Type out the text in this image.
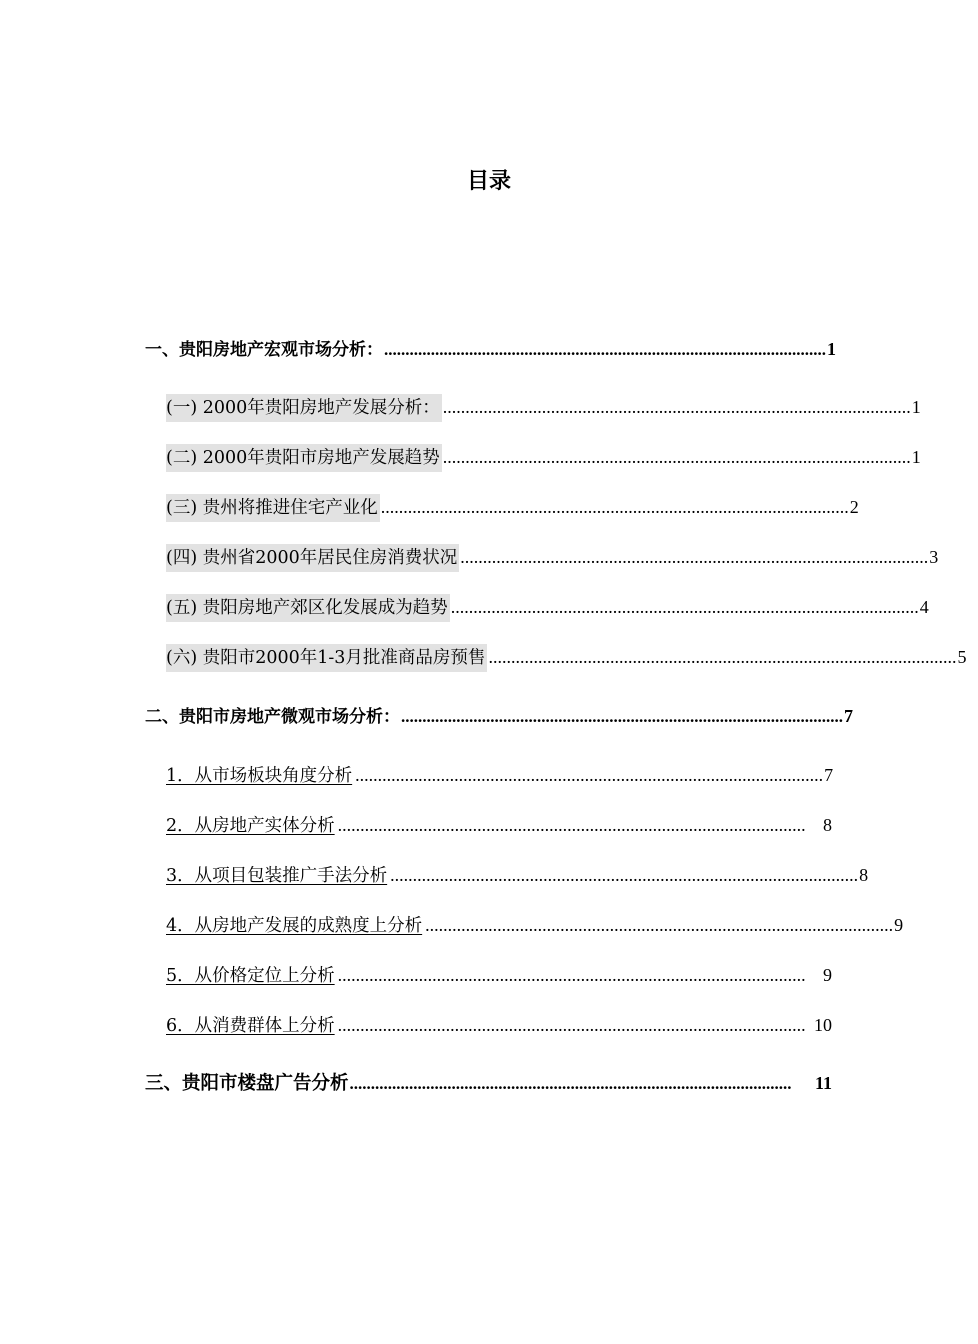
目录
一、贵阳房地产宏观市场分析： ........................................................................................................ 1
(一) 2000年贵阳房地产发展分析： ........................................................................................................ 1
(二) 2000年贵阳市房地产发展趋势 ........................................................................................................ 1
(三) 贵州将推进住宅产业化 ........................................................................................................ 2
(四) 贵州省2000年居民住房消费状况 ........................................................................................................ 3
(五) 贵阳房地产郊区化发展成为趋势 ........................................................................................................ 4
(六) 贵阳市2000年1-3月批准商品房预售 ........................................................................................................ 5
二、贵阳市房地产微观市场分析： ........................................................................................................ 7
1．从市场板块角度分析 ........................................................................................................ 7
2．从房地产实体分析 ........................................................................................................ 8
3．从项目包装推广手法分析 ........................................................................................................ 8
4．从房地产发展的成熟度上分析 ........................................................................................................ 9
5．从价格定位上分析 ........................................................................................................ 9
6．从消费群体上分析 ........................................................................................................ 10
三、贵阳市楼盘广告分析 ........................................................................................................	11
